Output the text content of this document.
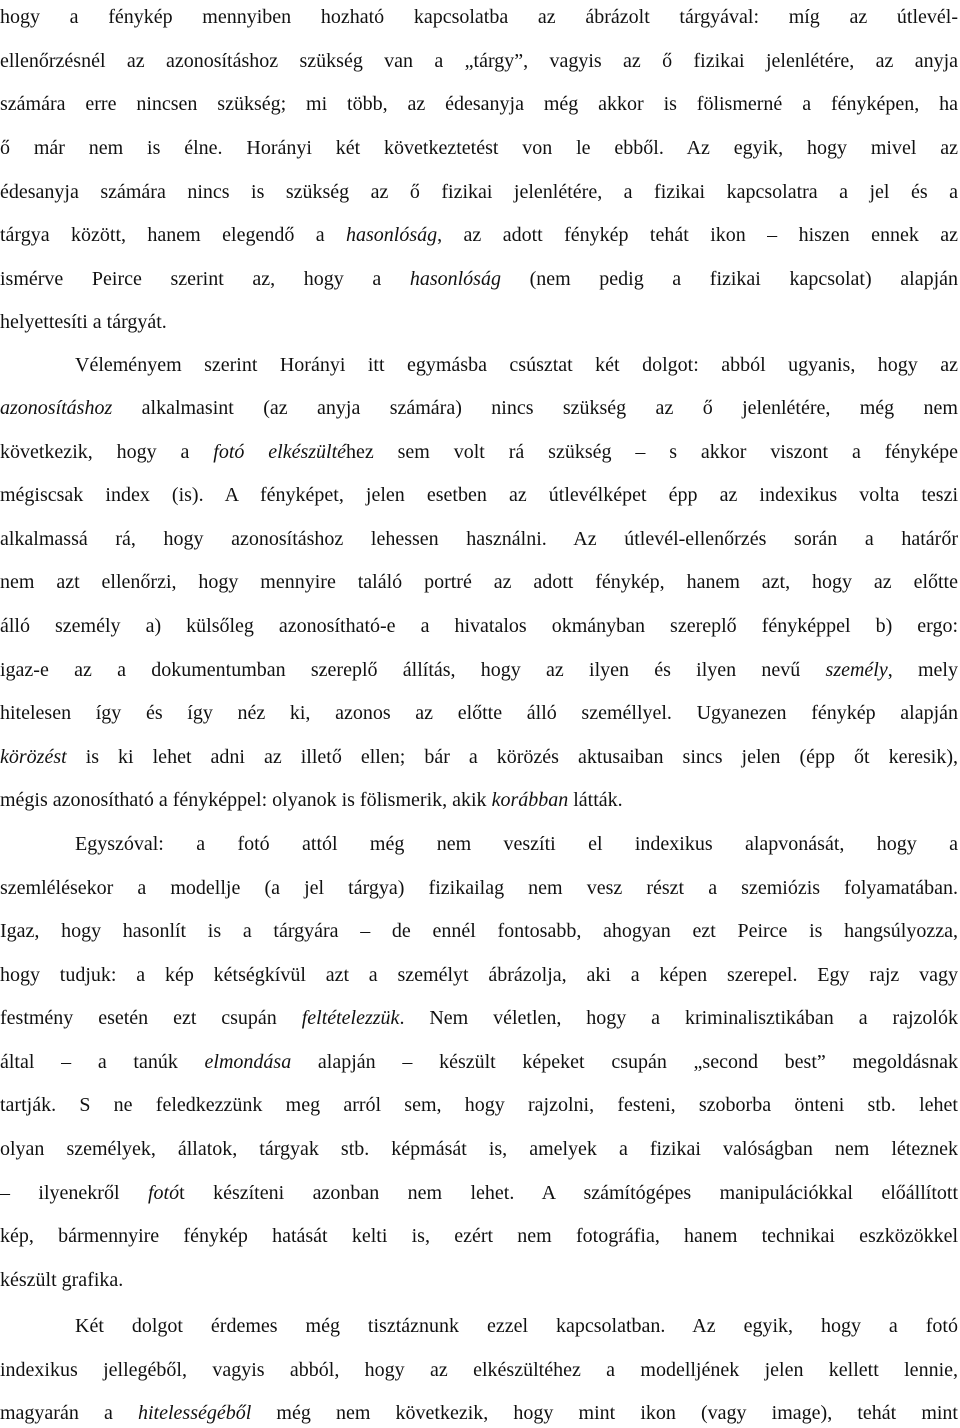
hogy a fénykép mennyiben hozható kapcsolatba az ábrázolt tárgyával: míg az útlevél-
ellenőrzésnél az azonosításhoz szükség van a „tárgy”, vagyis az ő fizikai jelenlétére, az anyja
számára erre nincsen szükség; mi több, az édesanyja még akkor is fölismerné a fényképen, ha
ő már nem is élne. Horányi két következtetést von le ebből. Az egyik, hogy mivel az
édesanyja számára nincs is szükség az ő fizikai jelenlétére, a fizikai kapcsolatra a jel és a
tárgya között, hanem elegendő a hasonlóság, az adott fénykép tehát ikon – hiszen ennek az
ismérve Peirce szerint az, hogy a hasonlóság (nem pedig a fizikai kapcsolat) alapján
helyettesíti a tárgyát.
Véleményem szerint Horányi itt egymásba csúsztat két dolgot: abból ugyanis, hogy az
azonosításhoz alkalmasint (az anyja számára) nincs szükség az ő jelenlétére, még nem
következik, hogy a fotó elkészültéhez sem volt rá szükség – s akkor viszont a fényképe
mégiscsak index (is). A fényképet, jelen esetben az útlevélképet épp az indexikus volta teszi
alkalmassá rá, hogy azonosításhoz lehessen használni. Az útlevél-ellenőrzés során a határőr
nem azt ellenőrzi, hogy mennyire találó portré az adott fénykép, hanem azt, hogy az előtte
álló személy a) külsőleg azonosítható-e a hivatalos okmányban szereplő fényképpel b) ergo:
igaz-e az a dokumentumban szereplő állítás, hogy az ilyen és ilyen nevű személy, mely
hitelesen így és így néz ki, azonos az előtte álló személlyel. Ugyanezen fénykép alapján
körözést is ki lehet adni az illető ellen; bár a körözés aktusaiban sincs jelen (épp őt keresik),
mégis azonosítható a fényképpel: olyanok is fölismerik, akik korábban látták.
Egyszóval: a fotó attól még nem veszíti el indexikus alapvonását, hogy a
szemlélésekor a modellje (a jel tárgya) fizikailag nem vesz részt a szemiózis folyamatában.
Igaz, hogy hasonlít is a tárgyára – de ennél fontosabb, ahogyan ezt Peirce is hangsúlyozza,
hogy tudjuk: a kép kétségkívül azt a személyt ábrázolja, aki a képen szerepel. Egy rajz vagy
festmény esetén ezt csupán feltételezzük. Nem véletlen, hogy a kriminalisztikában a rajzolók
által – a tanúk elmondása alapján – készült képeket csupán „second best” megoldásnak
tartják. S ne feledkezzünk meg arról sem, hogy rajzolni, festeni, szoborba önteni stb. lehet
olyan személyek, állatok, tárgyak stb. képmását is, amelyek a fizikai valóságban nem léteznek
– ilyenekről fotót készíteni azonban nem lehet. A számítógépes manipulációkkal előállított
kép, bármennyire fénykép hatását kelti is, ezért nem fotográfia, hanem technikai eszközökkel
készült grafika.
Két dolgot érdemes még tisztáznunk ezzel kapcsolatban. Az egyik, hogy a fotó
indexikus jellegéből, vagyis abból, hogy az elkészültéhez a modelljének jelen kellett lennie,
magyarán a hitelességéből még nem következik, hogy mint ikon (vagy image), tehát mint
